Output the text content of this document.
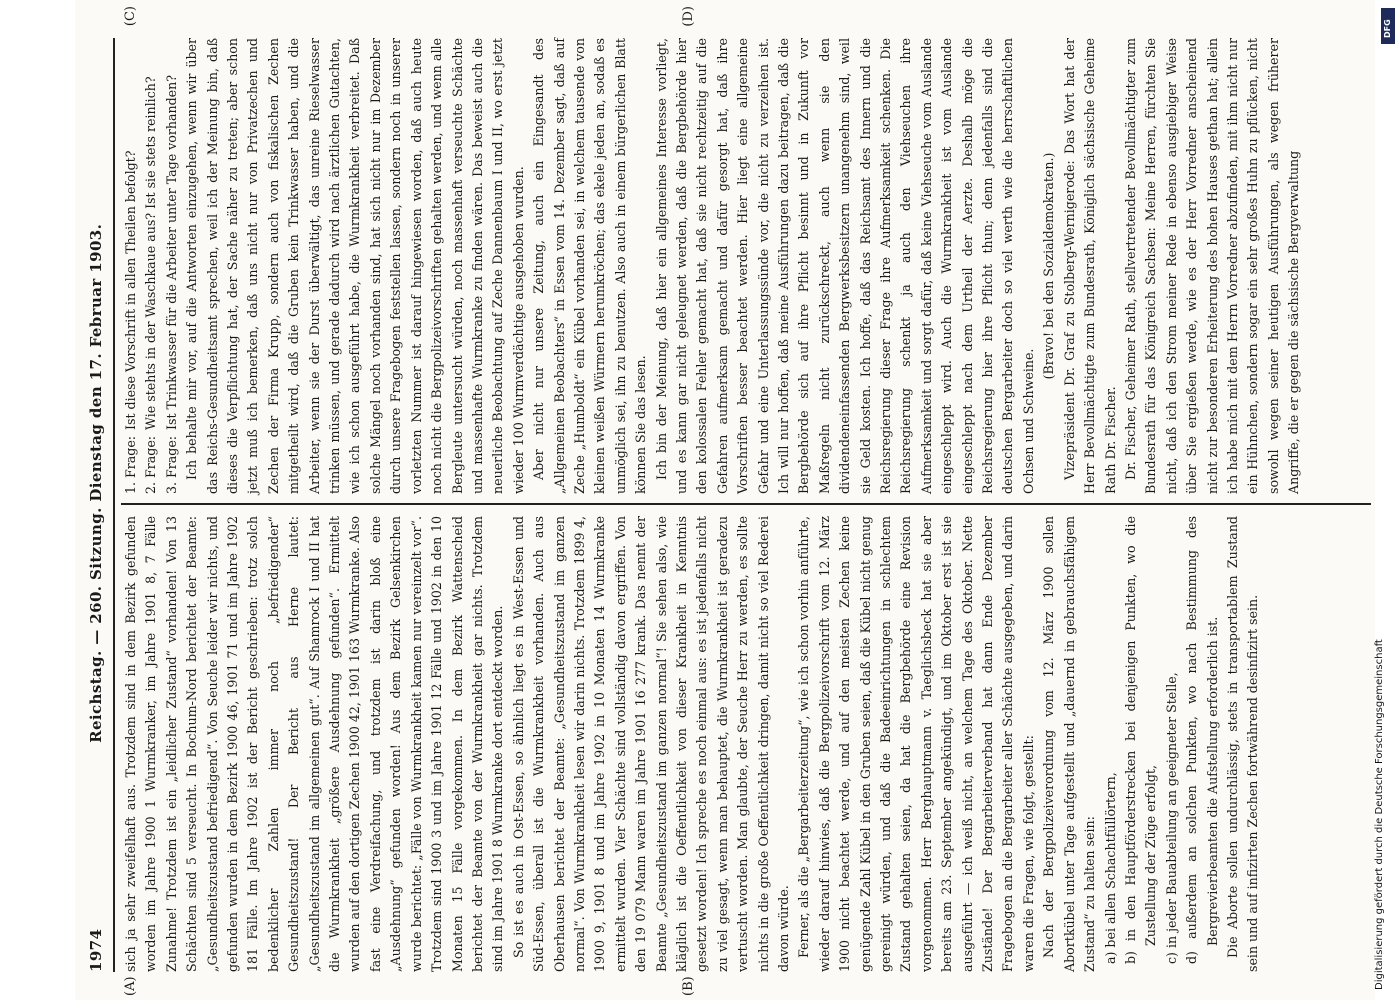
1974
Reichstag. — 260. Sitzung. Dienstag den 17. Februar 1903.
(A)	(B)
(C)	(D)

sich ja sehr zweifelhaft aus. Trotzdem sind in dem Bezirk gefunden worden im Jahre 1900 1 Wurmkranker, im Jahre 1901 8, 7 Fälle Zunahme! Trotzdem ist ein „leidlicher Zustand“ vorhanden! Von 13 Schächten sind 5 verseucht. In Bochum-Nord berichtet der Beamte: „Gesundheitszustand befriedigend“. Von Seuche leider wir nichts, und gefunden wurden in dem Bezirk 1900 46, 1901 71 und im Jahre 1902 181 Fälle. Im Jahre 1902 ist der Bericht geschrieben: trotz solch bedenklicher Zahlen immer noch „befriedigender“ Gesundheitszustand! Der Bericht aus Herne lautet: „Gesundheitszustand im allgemeinen gut“. Auf Shamrock I und II hat die Wurmkrankheit „größere Ausdehnung gefunden“. Ermittelt wurden auf den dortigen Zechen 1900 42, 1901 163 Wurmkranke. Also fast eine Verdreifachung, und trotzdem ist darin bloß eine „Ausdehnung“ gefunden worden! Aus dem Bezirk Gelsenkirchen wurde berichtet: „Fälle von Wurmkrankheit kamen nur vereinzelt vor“. Trotzdem sind 1900 3 und im Jahre 1901 12 Fälle und 1902 in den 10 Monaten 15 Fälle vorgekommen. In dem Bezirk Wattenscheid berichtet der Beamte von der Wurmkrankheit gar nichts. Trotzdem sind im Jahre 1901 8 Wurmkranke dort entdeckt worden. So ist es auch in Ost-Essen, so ähnlich liegt es in West-Essen und Süd-Essen, überall ist die Wurmkrankheit vorhanden. Auch aus Oberhausen berichtet der Beamte: „Gesundheitszustand im ganzen normal“. Von Wurmkrankheit lesen wir darin nichts. Trotzdem 1899 4, 1900 9, 1901 8 und im Jahre 1902 in 10 Monaten 14 Wurmkranke ermittelt wurden. Vier Schächte sind vollständig davon ergriffen. Von den 19 079 Mann waren im Jahre 1901 16 277 krank. Das nennt der Beamte „Gesundheitszustand im ganzen normal“! Sie sehen also, wie kläglich ist die Oeffentlichkeit von dieser Krankheit in Kenntnis gesetzt worden! Ich spreche es noch einmal aus: es ist jedenfalls nicht zu viel gesagt, wenn man behauptet, die Wurmkrankheit ist geradezu vertuscht worden. Man glaubte, der Seuche Herr zu werden, es sollte nichts in die große Oeffentlichkeit dringen, damit nicht so viel Rederei davon würde. Ferner, als die „Bergarbeiterzeitung“, wie ich schon vorhin anführte, wieder darauf hinwies, daß die Bergpolizeivorschrift vom 12. März 1900 nicht beachtet werde, und auf den meisten Zechen keine genügende Zahl Kübel in den Gruben seien, daß die Kübel nicht genug gereinigt würden, und daß die Badeeinrichtungen in schlechtem Zustand gehalten seien, da hat die Bergbehörde eine Revision vorgenommen. Herr Berghauptmann v. Taeglichsbeck hat sie aber bereits am 23. September angekündigt, und im Oktober erst ist sie ausgeführt — ich weiß nicht, an welchem Tage des Oktober. Nette Zustände! Der Bergarbeiterverband hat dann Ende Dezember Fragebogen an die Bergarbeiter aller Schächte ausgegeben, und darin waren die Fragen, wie folgt, gestellt: Nach der Bergpolizeiverordnung vom 12. März 1900 sollen Abortkübel unter Tage aufgestellt und „dauernd in gebrauchsfähigem Zustand“ zu halten sein: a) bei allen Schachtfüllörtern, b) in den Hauptförderstrecken bei denjenigen Punkten, wo die Zustellung der Züge erfolgt, c) in jeder Bauabteilung an geeigneter Stelle, d) außerdem an solchen Punkten, wo nach Bestimmung des Bergrevierbeamten die Aufstellung erforderlich ist. Die Aborte sollen undurchlässig, stets in transportablem Zustand sein und auf infizirten Zechen fortwährend desinfizirt sein.

1. Frage:
Ist diese Vorschrift in allen Theilen befolgt?
2. Frage:
Wie stehts in der Waschkaue aus? Ist sie stets reinlich?
3. Frage:
Ist Trinkwasser für die Arbeiter unter Tage vorhanden? Ich behalte mir vor, auf die Antworten einzugehen, wenn wir über das Reichs-Gesundheitsamt sprechen, weil ich der Meinung bin, daß dieses die Verpflichtung hat, der Sache näher zu treten; aber schon jetzt muß ich bemerken, daß uns nicht nur von Privatzechen und Zechen der Firma Krupp, sondern auch von fiskalischen Zechen mitgetheilt wird, daß die Gruben kein Trinkwasser haben, und die Arbeiter, wenn sie der Durst überwältigt, das unreine Rieselwasser trinken müssen, und gerade dadurch wird nach ärztlichen Gutachten, wie ich schon ausgeführt habe, die Wurmkrankheit verbreitet. Daß solche Mängel noch vorhanden sind, hat sich nicht nur im Dezember durch unsere Fragebogen feststellen lassen, sondern noch in unserer vorletzten Nummer ist darauf hingewiesen worden, daß auch heute noch nicht die Bergpolizeivorschriften gehalten werden, und wenn alle Bergleute untersucht würden, noch massenhaft verseuchte Schächte und massenhafte Wurmkranke zu finden wären. Das beweist auch die neuerliche Beobachtung auf Zeche Dannenbaum I und II, wo erst jetzt wieder 100 Wurmverdächtige ausgehoben wurden. Aber nicht nur unsere Zeitung, auch ein Eingesandt des „Allgemeinen Beobachters“ in Essen vom 14. Dezember sagt, daß auf Zeche „Humboldt“ ein Kübel vorhanden sei, in welchem tausende von kleinen weißen Würmern herumkröchen; das ekele jeden an, sodaß es unmöglich sei, ihn zu benutzen. Also auch in einem bürgerlichen Blatt können Sie das lesen. Ich bin der Meinung, daß hier ein allgemeines Interesse vorliegt, und es kann gar nicht geleugnet werden, daß die Bergbehörde hier den kolossalen Fehler gemacht hat, daß sie nicht rechtzeitig auf die Gefahren aufmerksam gemacht und dafür gesorgt hat, daß ihre Vorschriften besser beachtet werden. Hier liegt eine allgemeine Gefahr und eine Unterlassungssünde vor, die nicht zu verzeihen ist. Ich will nur hoffen, daß meine Ausführungen dazu beitragen, daß die Bergbehörde sich auf ihre Pflicht besinnt und in Zukunft vor Maßregeln nicht zurückschreckt, auch wenn sie den dividendeneinfassenden Bergwerksbesitzern unangenehm sind, weil sie Geld kosten. Ich hoffe, daß das Reichsamt des Innern und die Reichsregierung dieser Frage ihre Aufmerksamkeit schenken. Die Reichsregierung schenkt ja auch den Viehseuchen ihre Aufmerksamkeit und sorgt dafür, daß keine Viehseuche vom Auslande eingeschleppt wird. Auch die Wurmkrankheit ist vom Auslande eingeschleppt nach dem Urtheil der Aerzte. Deshalb möge die Reichsregierung hier ihre Pflicht thun; denn jedenfalls sind die deutschen Bergarbeiter doch so viel werth wie die herrschaftlichen Ochsen und Schweine.

(Bravo! bei den Sozialdemokraten.) Vizepräsident Dr. Graf zu Stolberg-Wernigerode: Das Wort hat der Herr Bevollmächtigte zum Bundesrath, Königlich sächsische Geheime Rath Dr. Fischer. Dr. Fischer, Geheimer Rath, stellvertretender Bevollmächtigter zum Bundesrath für das Königreich Sachsen: Meine Herren, fürchten Sie nicht, daß ich den Strom meiner Rede in ebenso ausgiebiger Weise über Sie ergießen werde, wie es der Herr Vorredner anscheinend nicht zur besonderen Erheiterung des hohen Hauses gethan hat; allein ich habe mich mit dem Herrn Vorredner abzufinden, mit ihm nicht nur ein Hühnchen, sondern sogar ein sehr großes Huhn zu pflücken, nicht sowohl wegen seiner heutigen Ausführungen, als wegen früherer Angriffe, die er gegen die sächsische Bergverwaltung

Digitalisierung gefördert durch die Deutsche Forschungsgemeinschaft
DFG
